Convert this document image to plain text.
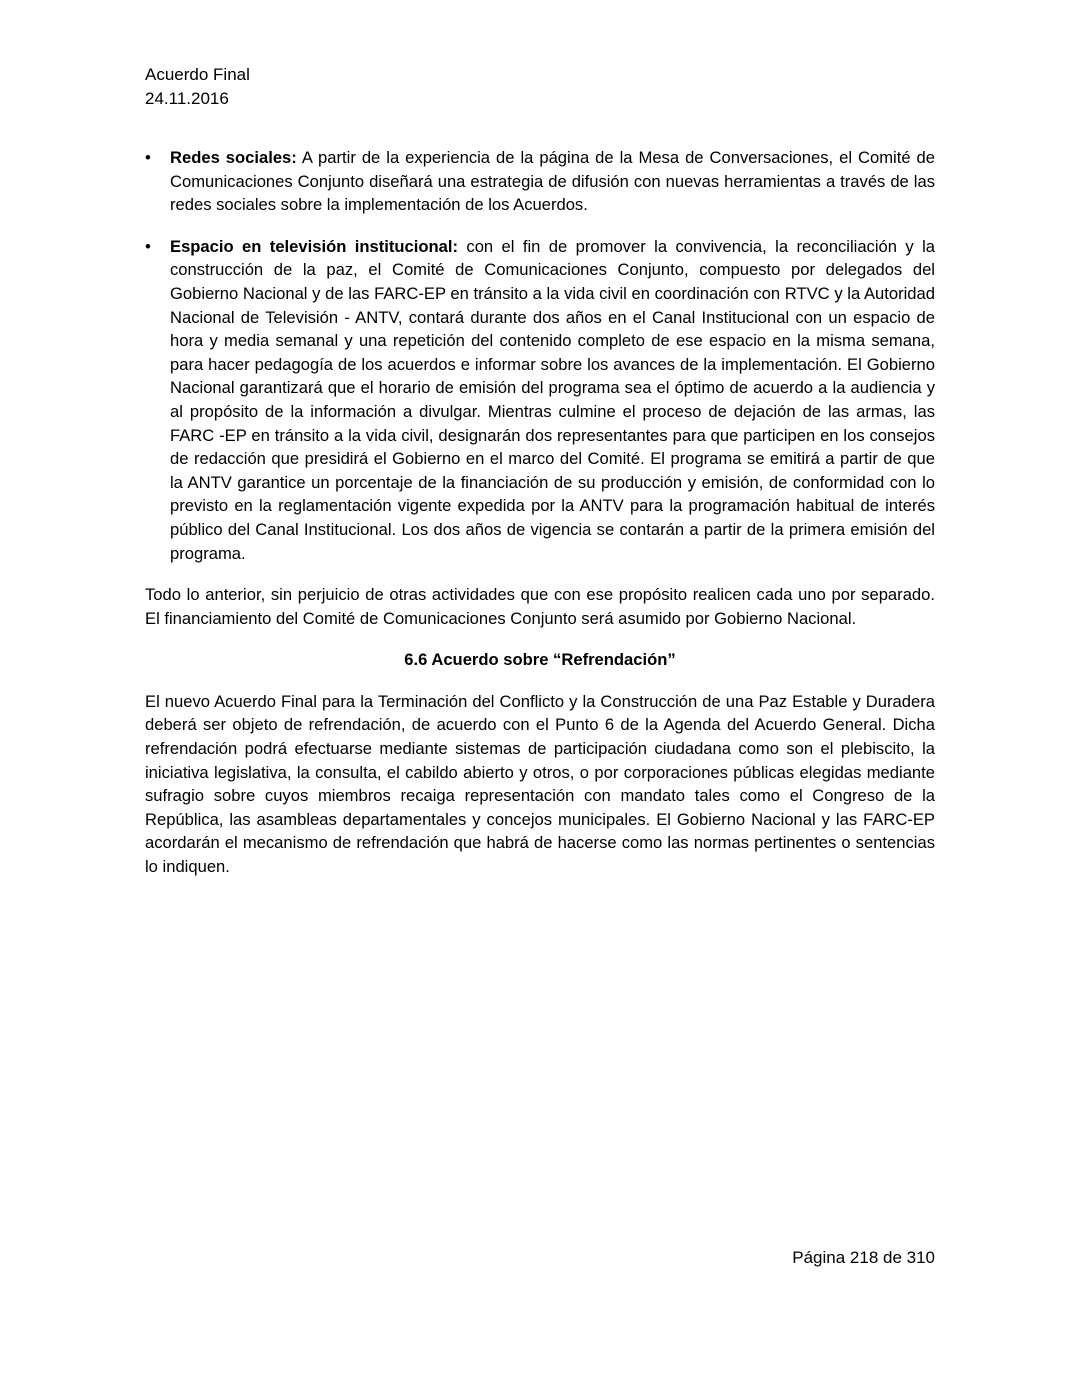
Acuerdo Final
24.11.2016
•	Redes sociales: A partir de la experiencia de la página de la Mesa de Conversaciones, el Comité de Comunicaciones Conjunto diseñará una estrategia de difusión con nuevas herramientas a través de las redes sociales sobre la implementación de los Acuerdos.
•	Espacio en televisión institucional: con el fin de promover la convivencia, la reconciliación y la construcción de la paz, el Comité de Comunicaciones Conjunto, compuesto por delegados del Gobierno Nacional y de las FARC-EP en tránsito a la vida civil en coordinación con RTVC y la Autoridad Nacional de Televisión - ANTV, contará durante dos años en el Canal Institucional con un espacio de hora y media semanal y una repetición del contenido completo de ese espacio en la misma semana, para hacer pedagogía de los acuerdos e informar sobre los avances de la implementación. El Gobierno Nacional garantizará que el horario de emisión del programa sea el óptimo de acuerdo a la audiencia y al propósito de la información a divulgar. Mientras culmine el proceso de dejación de las armas, las FARC -EP en tránsito a la vida civil, designarán dos representantes para que participen en los consejos de redacción que presidirá el Gobierno en el marco del Comité. El programa se emitirá a partir de que la ANTV garantice un porcentaje de la financiación de su producción y emisión, de conformidad con lo previsto en la reglamentación vigente expedida por la ANTV para la programación habitual de interés público del Canal Institucional. Los dos años de vigencia se contarán a partir de la primera emisión del programa.

Todo lo anterior, sin perjuicio de otras actividades que con ese propósito realicen cada uno por separado. El financiamiento del Comité de Comunicaciones Conjunto será asumido por Gobierno Nacional.

6.6 Acuerdo sobre “Refrendación”

El nuevo Acuerdo Final para la Terminación del Conflicto y la Construcción de una Paz Estable y Duradera deberá ser objeto de refrendación, de acuerdo con el Punto 6 de la Agenda del Acuerdo General. Dicha refrendación podrá efectuarse mediante sistemas de participación ciudadana como son el plebiscito, la iniciativa legislativa, la consulta, el cabildo abierto y otros, o por corporaciones públicas elegidas mediante sufragio sobre cuyos miembros recaiga representación con mandato tales como el Congreso de la República, las asambleas departamentales y concejos municipales. El Gobierno Nacional y las FARC-EP acordarán el mecanismo de refrendación que habrá de hacerse como las normas pertinentes o sentencias lo indiquen.

Página 218 de 310
